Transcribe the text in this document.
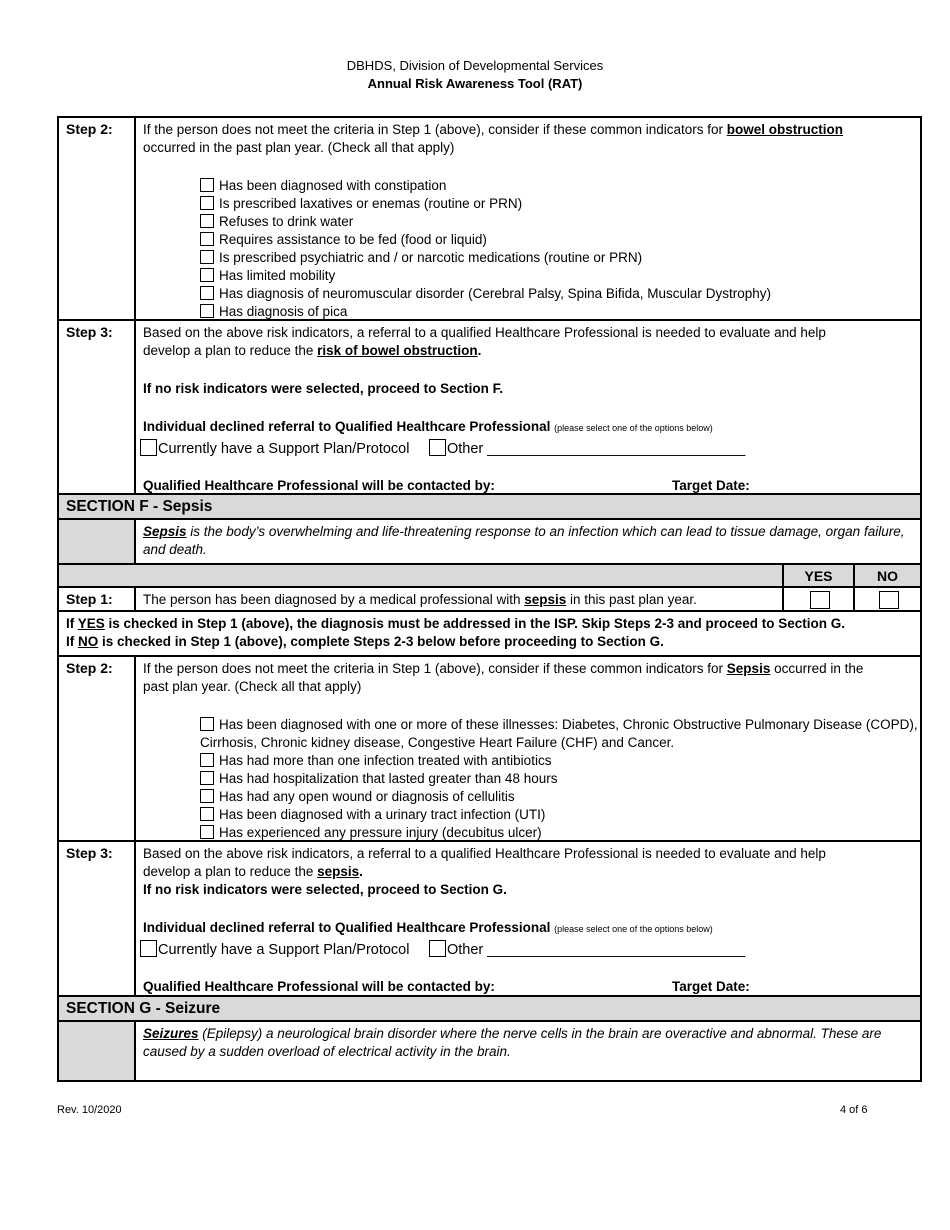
DBHDS, Division of Developmental Services
Annual Risk Awareness Tool (RAT)
Step 2:	If the person does not meet the criteria in Step 1 (above), consider if these common indicators for bowel obstruction
occurred in the past plan year. (Check all that apply)
Has been diagnosed with constipation
Is prescribed laxatives or enemas (routine or PRN)
Refuses to drink water
Requires assistance to be fed (food or liquid)
Is prescribed psychiatric and / or narcotic medications (routine or PRN)
Has limited mobility
Has diagnosis of neuromuscular disorder (Cerebral Palsy, Spina Bifida, Muscular Dystrophy)
Has diagnosis of pica
Step 3:	Based on the above risk indicators, a referral to a qualified Healthcare Professional is needed to evaluate and help
develop a plan to reduce the risk of bowel obstruction.
If no risk indicators were selected, proceed to Section F.
Individual declined referral to Qualified Healthcare Professional (please select one of the options below)
Currently have a Support Plan/Protocol	Other ________________________________
Qualified Healthcare Professional will be contacted by:	Target Date:
SECTION F - Sepsis
Sepsis is the body’s overwhelming and life-threatening response to an infection which can lead to tissue damage, organ failure, and death.
YES	NO
Step 1:	The person has been diagnosed by a medical professional with sepsis in this past plan year.
If YES is checked in Step 1 (above), the diagnosis must be addressed in the ISP. Skip Steps 2-3 and proceed to Section G.
If NO is checked in Step 1 (above), complete Steps 2-3 below before proceeding to Section G.
Step 2:	If the person does not meet the criteria in Step 1 (above), consider if these common indicators for Sepsis occurred in the
past plan year. (Check all that apply)
Has been diagnosed with one or more of these illnesses: Diabetes, Chronic Obstructive Pulmonary Disease (COPD),
Cirrhosis, Chronic kidney disease, Congestive Heart Failure (CHF) and Cancer.
Has had more than one infection treated with antibiotics
Has had hospitalization that lasted greater than 48 hours
Has had any open wound or diagnosis of cellulitis
Has been diagnosed with a urinary tract infection (UTI)
Has experienced any pressure injury (decubitus ulcer)
Step 3:	Based on the above risk indicators, a referral to a qualified Healthcare Professional is needed to evaluate and help
develop a plan to reduce the sepsis.
If no risk indicators were selected, proceed to Section G.
Individual declined referral to Qualified Healthcare Professional (please select one of the options below)
Currently have a Support Plan/Protocol	Other ________________________________
Qualified Healthcare Professional will be contacted by:	Target Date:
SECTION G - Seizure
Seizures (Epilepsy) a neurological brain disorder where the nerve cells in the brain are overactive and abnormal. These are caused by a sudden overload of electrical activity in the brain.
Rev. 10/2020	4 of 6
